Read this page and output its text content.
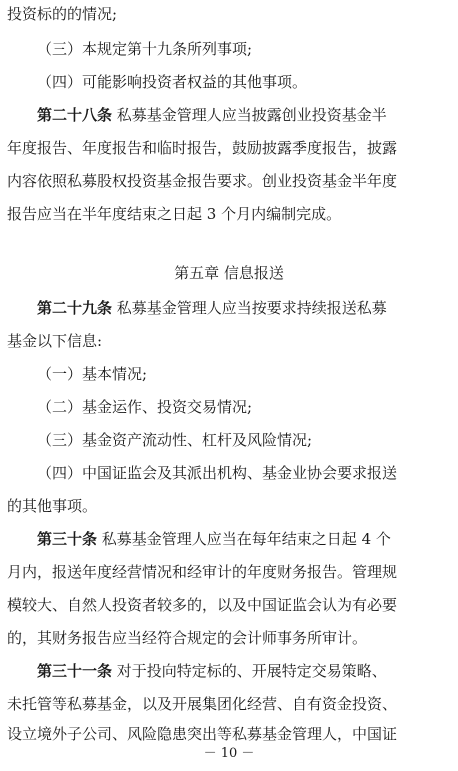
投资标的的情况;
（三）本规定第十九条所列事项;
（四）可能影响投资者权益的其他事项。
第二十八条 私募基金管理人应当披露创业投资基金半
年度报告、年度报告和临时报告，鼓励披露季度报告，披露
内容依照私募股权投资基金报告要求。创业投资基金半年度
报告应当在半年度结束之日起 3 个月内编制完成。
第五章 信息报送
第二十九条 私募基金管理人应当按要求持续报送私募
基金以下信息:
（一）基本情况;
（二）基金运作、投资交易情况;
（三）基金资产流动性、杠杆及风险情况;
（四）中国证监会及其派出机构、基金业协会要求报送
的其他事项。
第三十条 私募基金管理人应当在每年结束之日起 4 个
月内，报送年度经营情况和经审计的年度财务报告。管理规
模较大、自然人投资者较多的，以及中国证监会认为有必要
的，其财务报告应当经符合规定的会计师事务所审计。
第三十一条 对于投向特定标的、开展特定交易策略、
未托管等私募基金，以及开展集团化经营、自有资金投资、
设立境外子公司、风险隐患突出等私募基金管理人，中国证
－ 10 －
